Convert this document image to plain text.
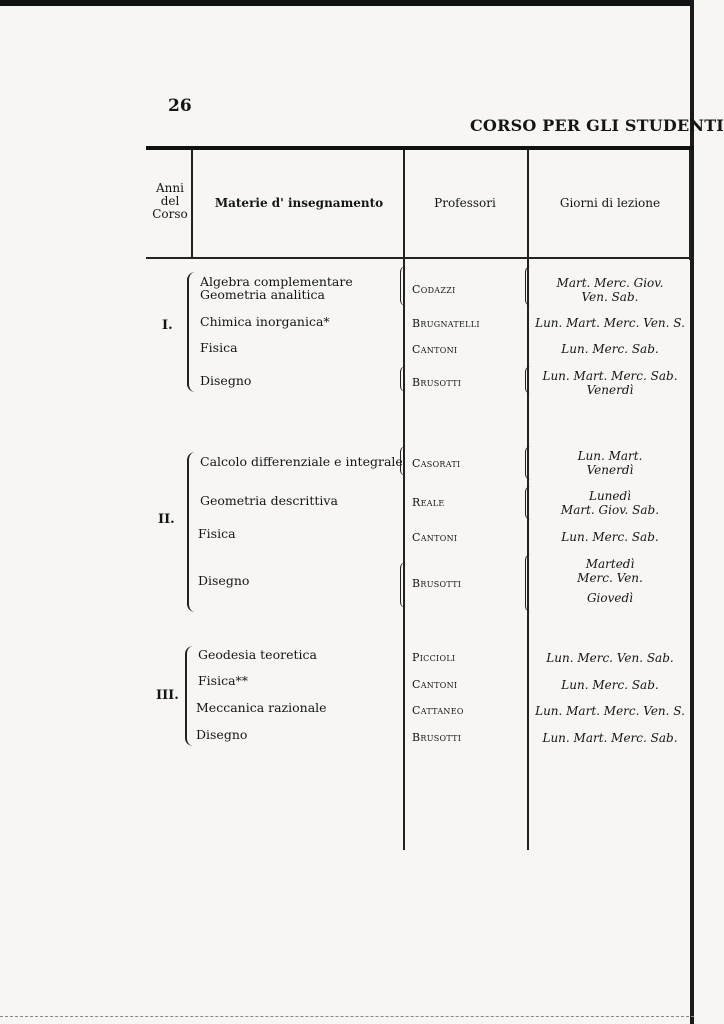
26
CORSO PER GLI STUDENTI
Anni del Corso
Materie d' insegnamento	Professori	Giorni di lezione
I.
Algebra complementare
Geometria analitica
Chimica inorganica*
Fisica
Disegno
Codazzi
Brugnatelli
Cantoni
Brusotti
Mart. Merc. Giov.
Ven. Sab.
Lun. Mart. Merc. Ven. S.
Lun. Merc. Sab.
Lun. Mart. Merc. Sab.
Venerdì
II.
Calcolo differenziale e integrale
Geometria descrittiva
Fisica
Disegno
Casorati
Reale
Cantoni
Brusotti
Lun. Mart.
Venerdì
Lunedì
Mart. Giov. Sab.
Lun. Merc. Sab.
Martedì
Merc. Ven.
Giovedì
III.
Geodesia teoretica
Fisica**
Meccanica razionale
Disegno
Piccioli
Cantoni
Cattaneo
Brusotti
Lun. Merc. Ven. Sab.
Lun. Merc. Sab.
Lun. Mart. Merc. Ven. S.
Lun. Mart. Merc. Sab.
